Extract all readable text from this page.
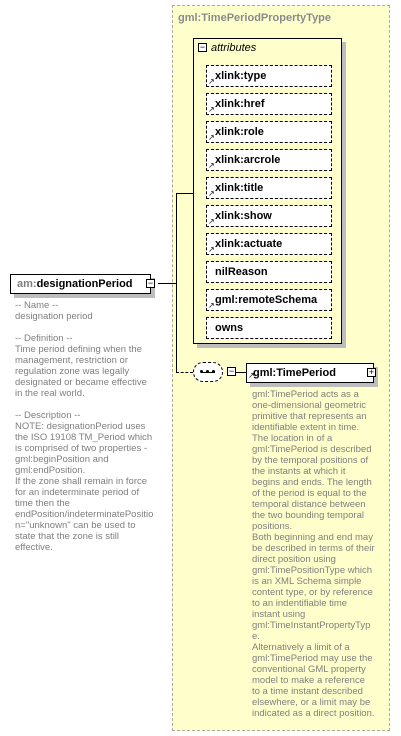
gml:TimePeriodPropertyType
− attributes
xlink:type
↗
xlink:href
↗
xlink:role
↗
xlink:arcrole
↗
xlink:title
↗
xlink:show
↗
xlink:actuate
↗
nilReason
gml:remoteSchema
↗
owns
am:designationPeriod	−
-- Name --
designation period

-- Definition --
Time period defining when the
management, restriction or
regulation zone was legally
designated or became effective
in the real world.

-- Description --
NOTE: designationPeriod uses
the ISO 19108 TM_Period which
is comprised of two properties -
gml:beginPosition and
gml:endPosition.
If the zone shall remain in force
for an indeterminate period of
time then the
endPosition/indeterminatePositio
n="unknown" can be used to
state that the zone is still
effective.
−	gml:TimePeriod
↗	+
gml:TimePeriod acts as a
one-dimensional geometric
primitive that represents an
identifiable extent in time.
The location in of a
gml:TimePeriod is described
by the temporal positions of
the instants at which it
begins and ends. The length
of the period is equal to the
temporal distance between
the two bounding temporal
positions.
Both beginning and end may
be described in terms of their
direct position using
gml:TimePositionType which
is an XML Schema simple
content type, or by reference
to an indentifiable time
instant using
gml:TimeInstantPropertyTyp
e.
Alternatively a limit of a
gml:TimePeriod may use the
conventional GML property
model to make a reference
to a time instant described
elsewhere, or a limit may be
indicated as a direct position.
